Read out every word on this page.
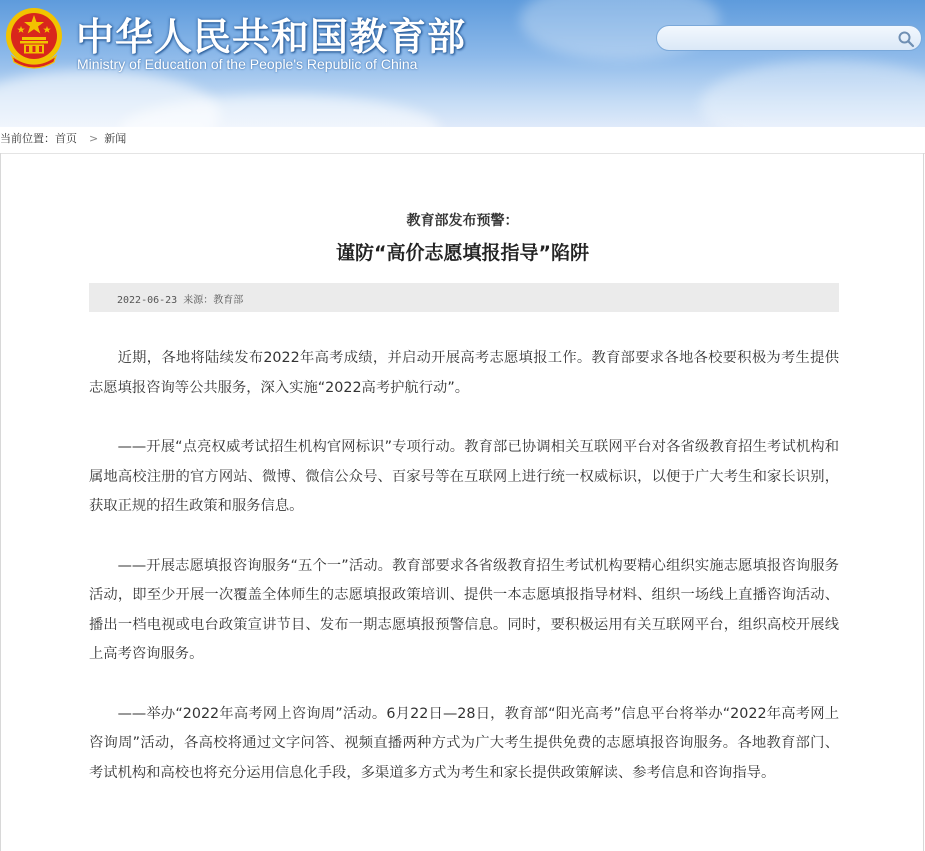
中华人民共和国教育部
Ministry of Education of the People's Republic of China
当前位置：首页 > 新闻
教育部发布预警：
谨防“高价志愿填报指导”陷阱
2022-06-23 来源：教育部

近期，各地将陆续发布2022年高考成绩，并启动开展高考志愿填报工作。教育部要求各地各校要积极为考生提供志愿填报咨询等公共服务，深入实施“2022高考护航行动”。

——开展“点亮权威考试招生机构官网标识”专项行动。教育部已协调相关互联网平台对各省级教育招生考试机构和属地高校注册的官方网站、微博、微信公众号、百家号等在互联网上进行统一权威标识，以便于广大考生和家长识别，获取正规的招生政策和服务信息。

——开展志愿填报咨询服务“五个一”活动。教育部要求各省级教育招生考试机构要精心组织实施志愿填报咨询服务活动，即至少开展一次覆盖全体师生的志愿填报政策培训、提供一本志愿填报指导材料、组织一场线上直播咨询活动、播出一档电视或电台政策宣讲节目、发布一期志愿填报预警信息。同时，要积极运用有关互联网平台，组织高校开展线上高考咨询服务。

——举办“2022年高考网上咨询周”活动。6月22日—28日，教育部“阳光高考”信息平台将举办“2022年高考网上咨询周”活动，各高校将通过文字问答、视频直播两种方式为广大考生提供免费的志愿填报咨询服务。各地教育部门、考试机构和高校也将充分运用信息化手段，多渠道多方式为考生和家长提供政策解读、参考信息和咨询指导。
